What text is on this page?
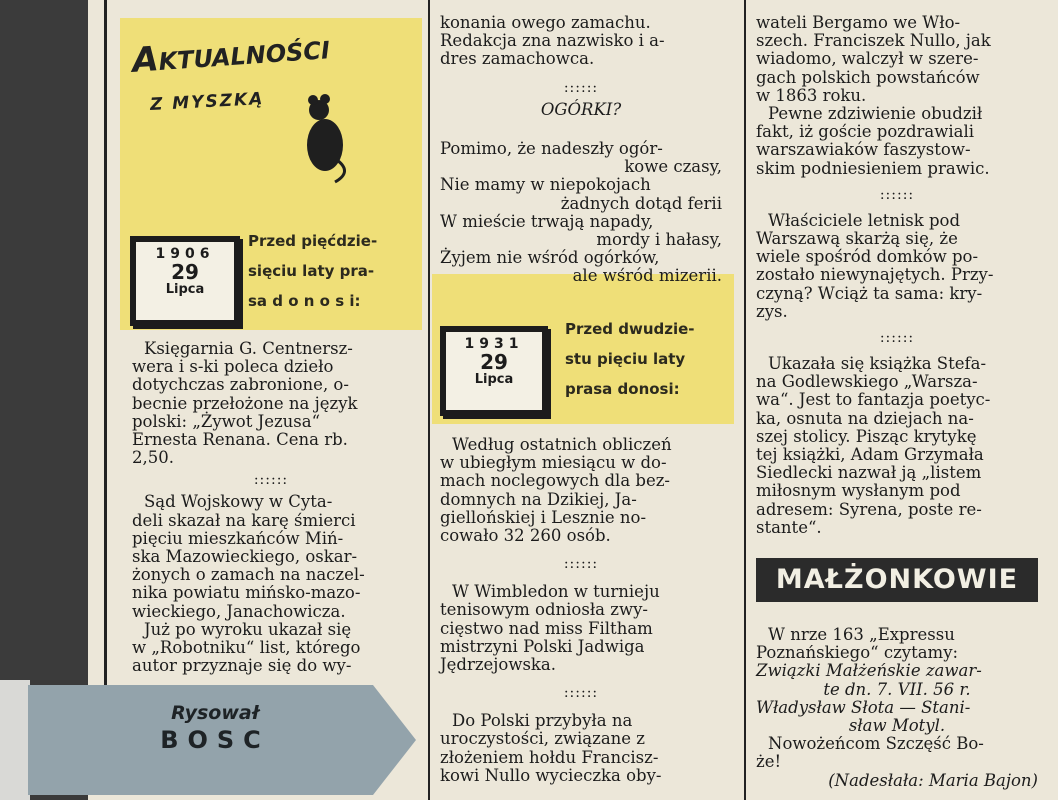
Aktualności
Z MYSZKĄ
1906
29
Lipca
Przed pięćdzie-
sięciu laty pra-
sa d o n o s i:

Księgarnia G. Centnersz-
wera i s-ki poleca dzieło
dotychczas zabronione, o-
becnie przełożone na język
polski: „Żywot Jezusa“
Ernesta Renana. Cena rb.
2,50.

::::::

Sąd Wojskowy w Cyta-
deli skazał na karę śmierci
pięciu mieszkańców Miń-
ska Mazowieckiego, oskar-
żonych o zamach na naczel-
nika powiatu mińsko-mazo-
wieckiego, Janachowicza.

Już po wyroku ukazał się
w „Robotniku“ list, którego
autor przyznaje się do wy-

Rysował
BOSC

konania owego zamachu.
Redakcja zna nazwisko i a-
dres zamachowca.

::::::
OGÓRKI?
Pomimo, że nadeszły ogór-
kowe czasy,
Nie mamy w niepokojach
żadnych dotąd ferii
W mieście trwają napady,
mordy i hałasy,
Żyjem nie wśród ogórków,
ale wśród mizerii.
1931
29
Lipca
Przed dwudzie-
stu pięciu laty
prasa donosi:

Według ostatnich obliczeń
w ubiegłym miesiącu w do-
mach noclegowych dla bez-
domnych na Dzikiej, Ja-
giellońskiej i Lesznie no-
cowało 32 260 osób.

::::::

W Wimbledon w turnieju
tenisowym odniosła zwy-
cięstwo nad miss Filtham
mistrzyni Polski Jadwiga
Jędrzejowska.

::::::

Do Polski przybyła na
uroczystości, związane z
złożeniem hołdu Francisz-
kowi Nullo wycieczka oby-

wateli Bergamo we Wło-
szech. Franciszek Nullo, jak
wiadomo, walczył w szere-
gach polskich powstańców
w 1863 roku.

Pewne zdziwienie obudził
fakt, iż goście pozdrawiali
warszawiaków faszystow-
skim podniesieniem prawic.

::::::

Właściciele letnisk pod
Warszawą skarżą się, że
wiele spośród domków po-
zostało niewynajętych. Przy-
czyną? Wciąż ta sama: kry-
zys.

::::::

Ukazała się książka Stefa-
na Godlewskiego „Warsza-
wa“. Jest to fantazja poetyc-
ka, osnuta na dziejach na-
szej stolicy. Pisząc krytykę
tej książki, Adam Grzymała
Siedlecki nazwał ją „listem
miłosnym wysłanym pod
adresem: Syrena, poste re-
stante“.

MAŁŻONKOWIE

W nrze 163 „Expressu
Poznańskiego“ czytamy:

Związki Małżeńskie zawar-
te dn. 7. VII. 56 r.
Władysław Słota — Stani-
sław Motyl.

Nowożeńcom Szczęść Bo-
że!

(Nadesłała: Maria Bajon)
